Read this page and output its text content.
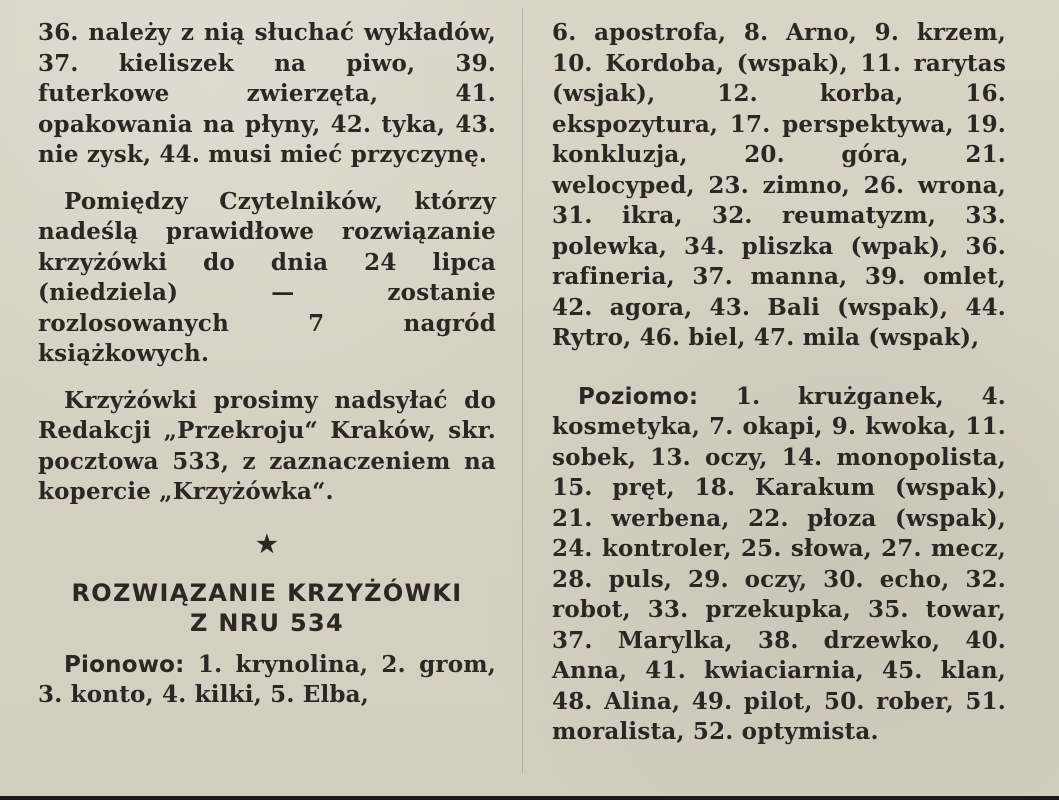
36. należy z nią słuchać wykładów, 37. kieliszek na piwo, 39. futerkowe zwierzęta, 41. opakowania na płyny, 42. tyka, 43. nie zysk, 44. musi mieć przyczynę.

Pomiędzy Czytelników, którzy nadeślą prawidłowe rozwiązanie krzyżówki do dnia 24 lipca (niedziela) — zostanie rozlosowanych 7 nagród książkowych.

Krzyżówki prosimy nadsyłać do Redakcji „Przekroju“ Kraków, skr. pocztowa 533, z zaznaczeniem na kopercie „Krzyżówka“.

★
ROZWIĄZANIE KRZYŻÓWKI
Z NRU 534

Pionowo: 1. krynolina, 2. grom, 3. konto, 4. kilki, 5. Elba,

6. apostrofa, 8. Arno, 9. krzem, 10. Kordoba, (wspak), 11. rarytas (wsjak), 12. korba, 16. ekspozytura, 17. perspektywa, 19. konkluzja, 20. góra, 21. welocyped, 23. zimno, 26. wrona, 31. ikra, 32. reumatyzm, 33. polewka, 34. pliszka (wpak), 36. rafineria, 37. manna, 39. omlet, 42. agora, 43. Bali (wspak), 44. Rytro, 46. biel, 47. mila (wspak),

Poziomo: 1. krużganek, 4. kosmetyka, 7. okapi, 9. kwoka, 11. sobek, 13. oczy, 14. monopolista, 15. pręt, 18. Karakum (wspak), 21. werbena, 22. płoza (wspak), 24. kontroler, 25. słowa, 27. mecz, 28. puls, 29. oczy, 30. echo, 32. robot, 33. przekupka, 35. towar, 37. Marylka, 38. drzewko, 40. Anna, 41. kwiaciarnia, 45. klan, 48. Alina, 49. pilot, 50. rober, 51. moralista, 52. optymista.
